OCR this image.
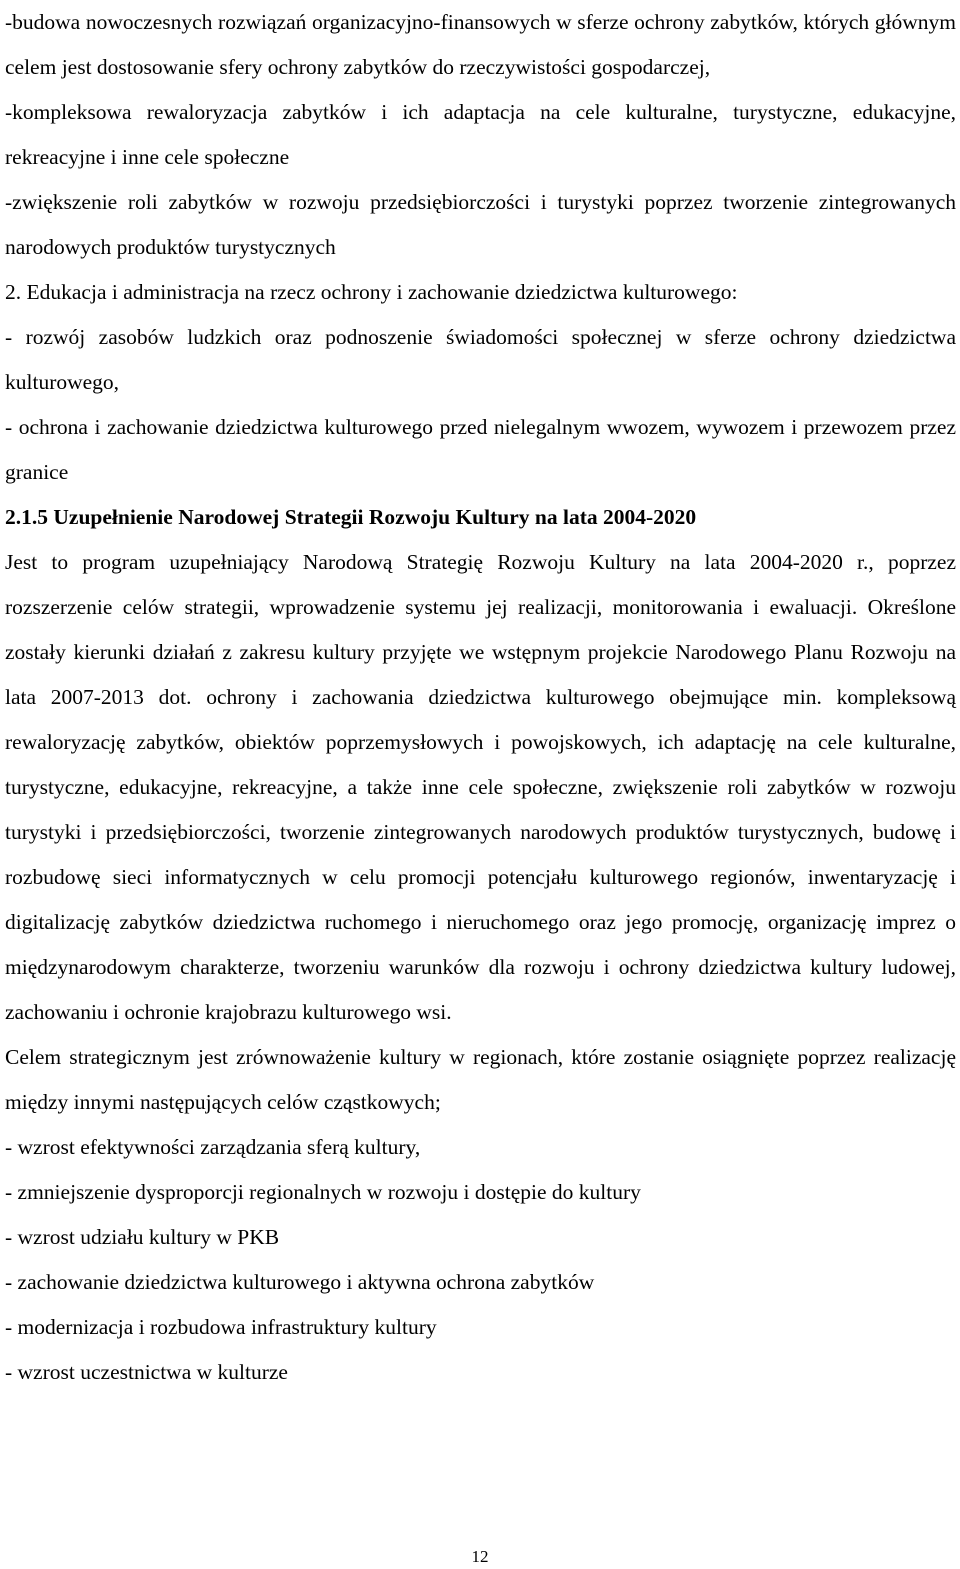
-budowa nowoczesnych rozwiązań organizacyjno-finansowych w sferze ochrony zabytków, których głównym celem jest dostosowanie sfery ochrony zabytków do rzeczywistości gospodarczej,

-kompleksowa rewaloryzacja zabytków i ich adaptacja na cele kulturalne, turystyczne, edukacyjne, rekreacyjne i inne cele społeczne

-zwiększenie roli zabytków w rozwoju przedsiębiorczości i turystyki poprzez tworzenie zintegrowanych narodowych produktów turystycznych

2. Edukacja i administracja na rzecz ochrony i zachowanie dziedzictwa kulturowego:

- rozwój zasobów ludzkich oraz podnoszenie świadomości społecznej w sferze ochrony dziedzictwa kulturowego,

- ochrona i zachowanie dziedzictwa kulturowego przed nielegalnym wwozem, wywozem i przewozem przez granice

2.1.5 Uzupełnienie Narodowej Strategii Rozwoju Kultury na lata 2004-2020

Jest to program uzupełniający Narodową Strategię Rozwoju Kultury na lata 2004-2020 r., poprzez rozszerzenie celów strategii, wprowadzenie systemu jej realizacji, monitorowania i ewaluacji. Określone zostały kierunki działań z zakresu kultury przyjęte we wstępnym projekcie Narodowego Planu Rozwoju na lata 2007-2013 dot. ochrony i zachowania dziedzictwa kulturowego obejmujące min. kompleksową rewaloryzację zabytków, obiektów poprzemysłowych i powojskowych, ich adaptację na cele kulturalne, turystyczne, edukacyjne, rekreacyjne, a także inne cele społeczne, zwiększenie roli zabytków w rozwoju turystyki i przedsiębiorczości, tworzenie zintegrowanych narodowych produktów turystycznych, budowę i rozbudowę sieci informatycznych w celu promocji potencjału kulturowego regionów, inwentaryzację i digitalizację zabytków dziedzictwa ruchomego i nieruchomego oraz jego promocję, organizację imprez o międzynarodowym charakterze, tworzeniu warunków dla rozwoju i ochrony dziedzictwa kultury ludowej, zachowaniu i ochronie krajobrazu kulturowego wsi.

Celem strategicznym jest zrównoważenie kultury w regionach, które zostanie osiągnięte poprzez realizację między innymi następujących celów cząstkowych;

- wzrost efektywności zarządzania sferą kultury,
- zmniejszenie dysproporcji regionalnych w rozwoju i dostępie do kultury
- wzrost udziału kultury w PKB
- zachowanie dziedzictwa kulturowego i aktywna ochrona zabytków
- modernizacja i rozbudowa infrastruktury kultury
- wzrost uczestnictwa w kulturze
12
